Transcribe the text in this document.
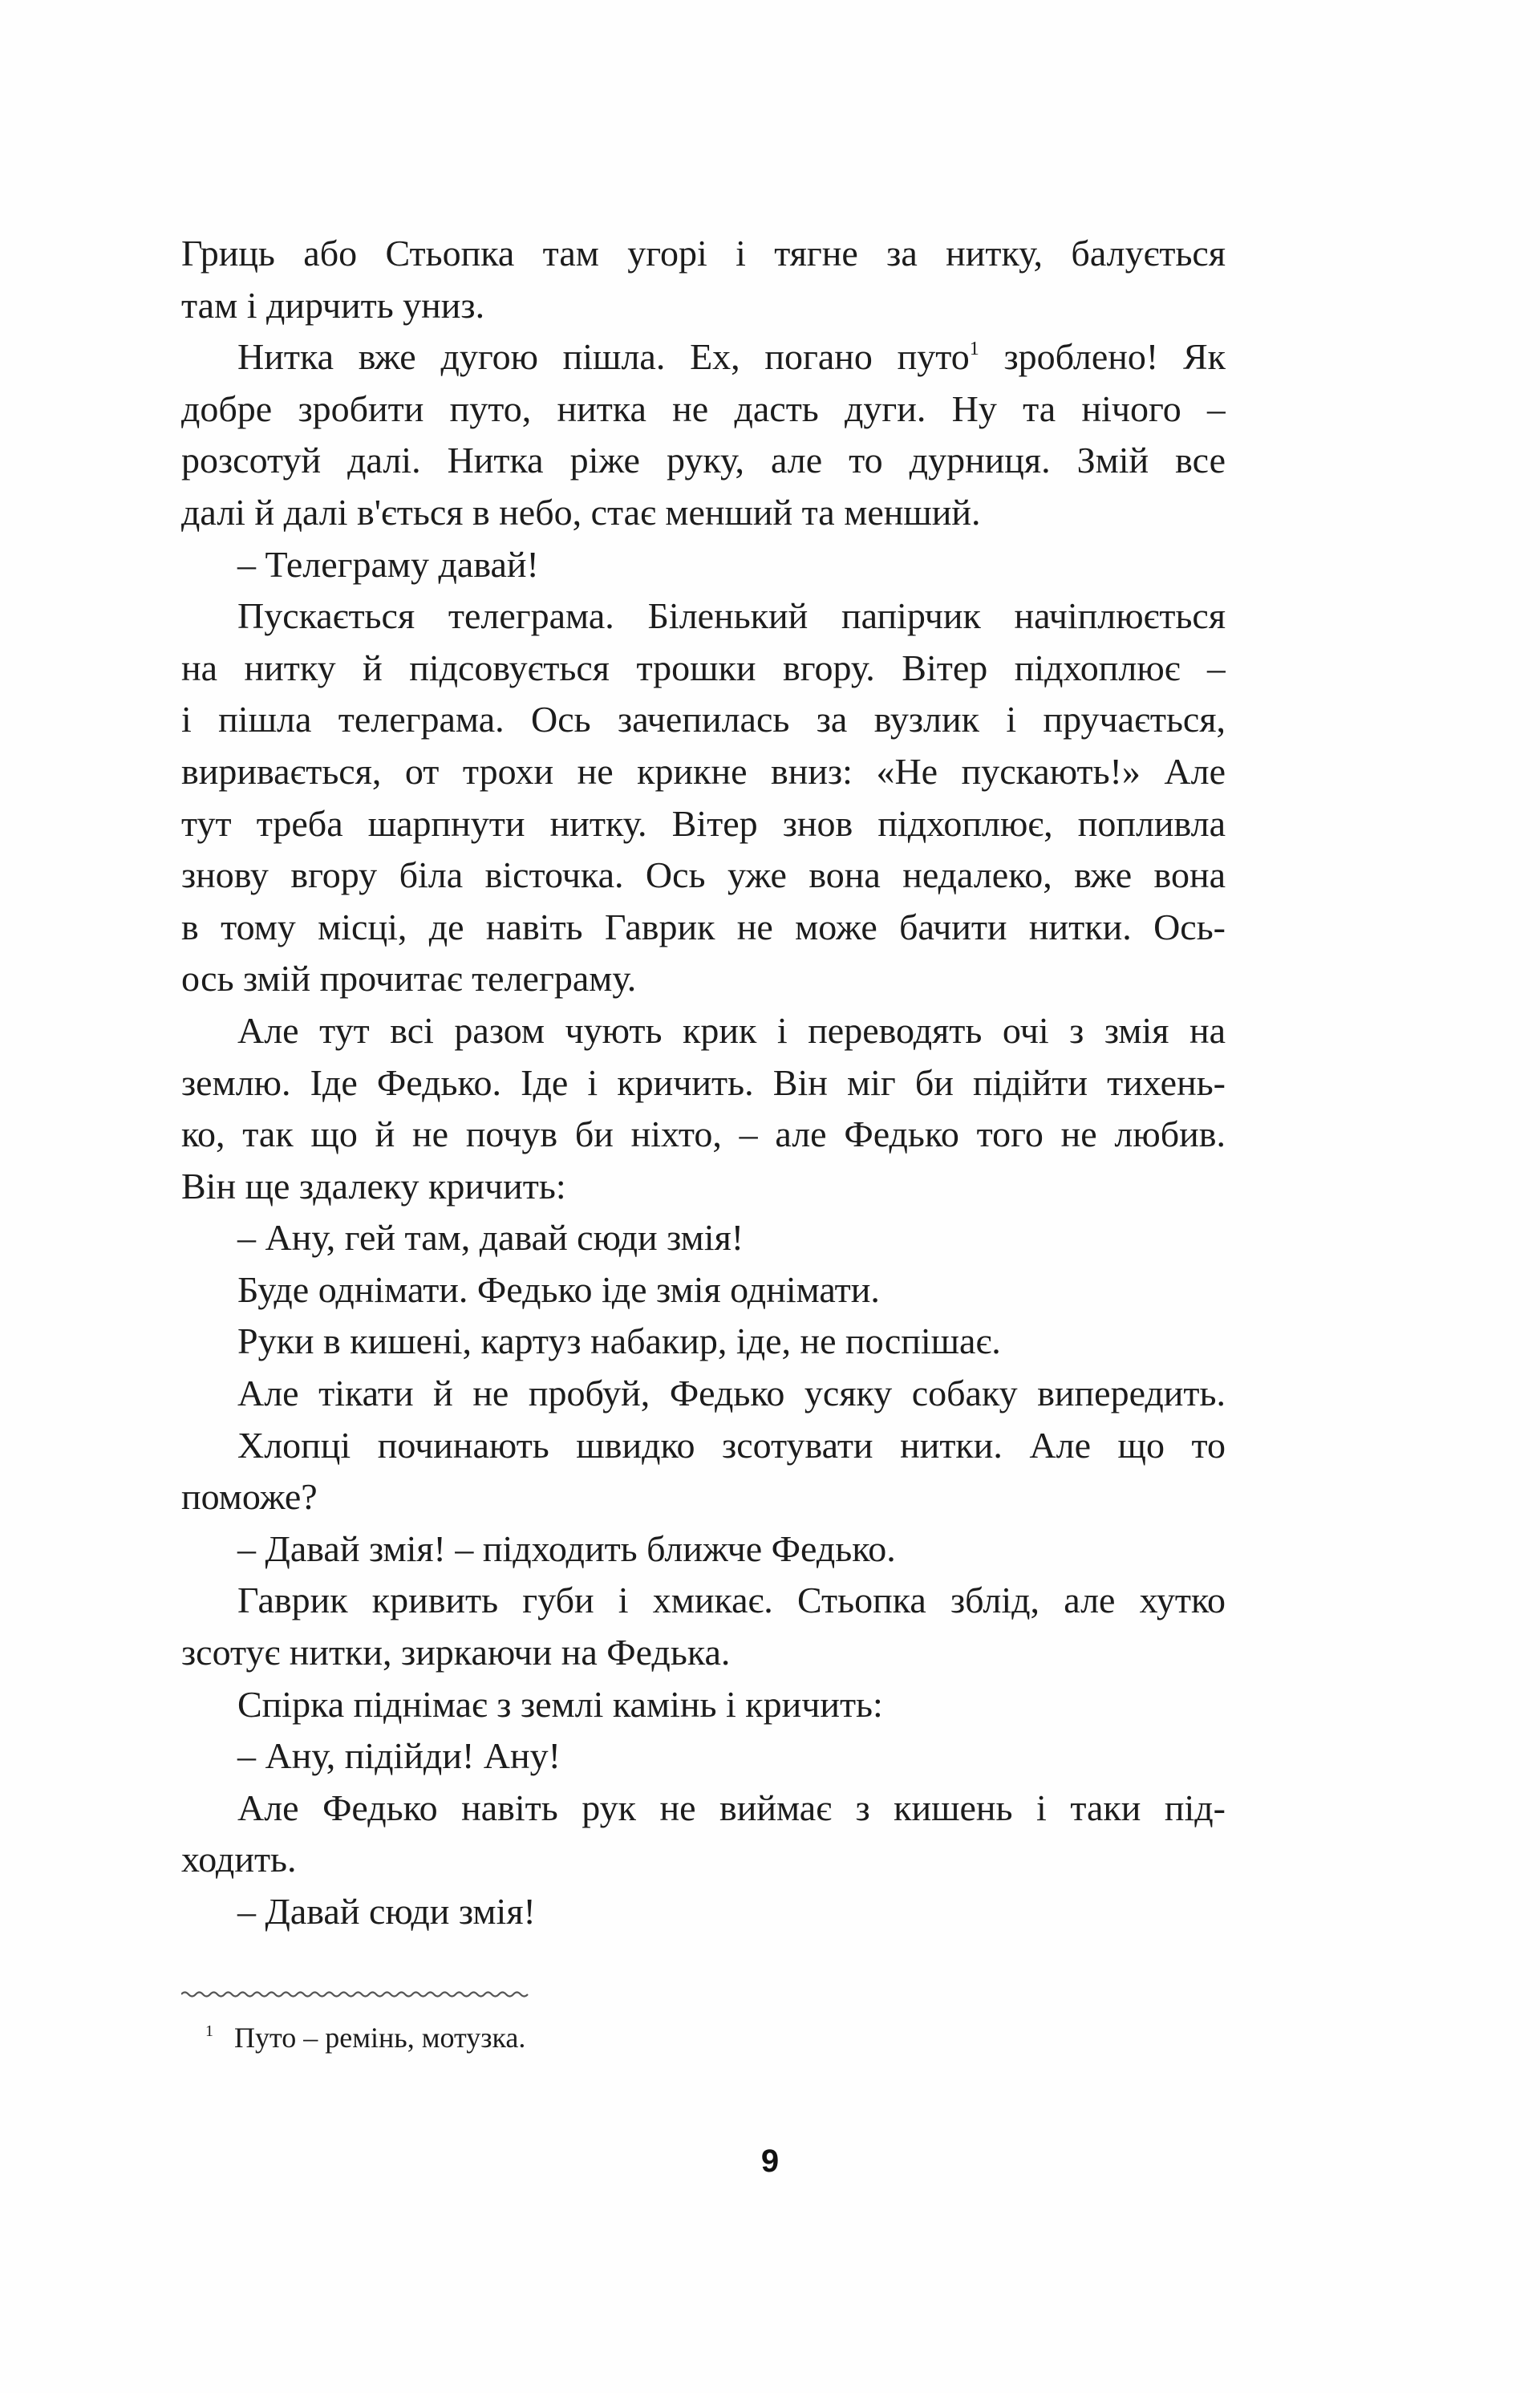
Гриць або Стьопка там угорі і тягне за нитку, балується
там і дирчить униз.
Нитка вже дугою пішла. Ех, погано путо$^1$ зроблено! Як
добре зробити путо, нитка не дасть дуги. Ну та нічого –
розсотуй далі. Нитка ріже руку, але то дурниця. Змій все
далі й далі в'ється в небо, стає менший та менший.
– Телеграму давай!
Пускається телеграма. Біленький папірчик начіплюється
на нитку й підсовується трошки вгору. Вітер підхоплює –
і пішла телеграма. Ось зачепилась за вузлик і пручається,
виривається, от трохи не крикне вниз: «Не пускають!» Але
тут треба шарпнути нитку. Вітер знов підхоплює, попливла
знову вгору біла вісточка. Ось уже вона недалеко, вже вона
в тому місці, де навіть Гаврик не може бачити нитки. Ось-
ось змій прочитає телеграму.
Але тут всі разом чують крик і переводять очі з змія на
землю. Іде Федько. Іде і кричить. Він міг би підійти тихень-
ко, так що й не почув би ніхто, – але Федько того не любив.
Він ще здалеку кричить:
– Ану, гей там, давай сюди змія!
Буде однімати. Федько іде змія однімати.
Руки в кишені, картуз набакир, іде, не поспішає.
Але тікати й не пробуй, Федько усяку собаку випередить.
Хлопці починають швидко зсотувати нитки. Але що то
поможе?
– Давай змія! – підходить ближче Федько.
Гаврик кривить губи і хмикає. Стьопка зблід, але хутко
зсотує нитки, зиркаючи на Федька.
Спірка піднімає з землі камінь і кричить:
– Ану, підійди! Ану!
Але Федько навіть рук не виймає з кишень і таки під-
ходить.
– Давай сюди змія!
1 Путо – ремінь, мотузка.
9
